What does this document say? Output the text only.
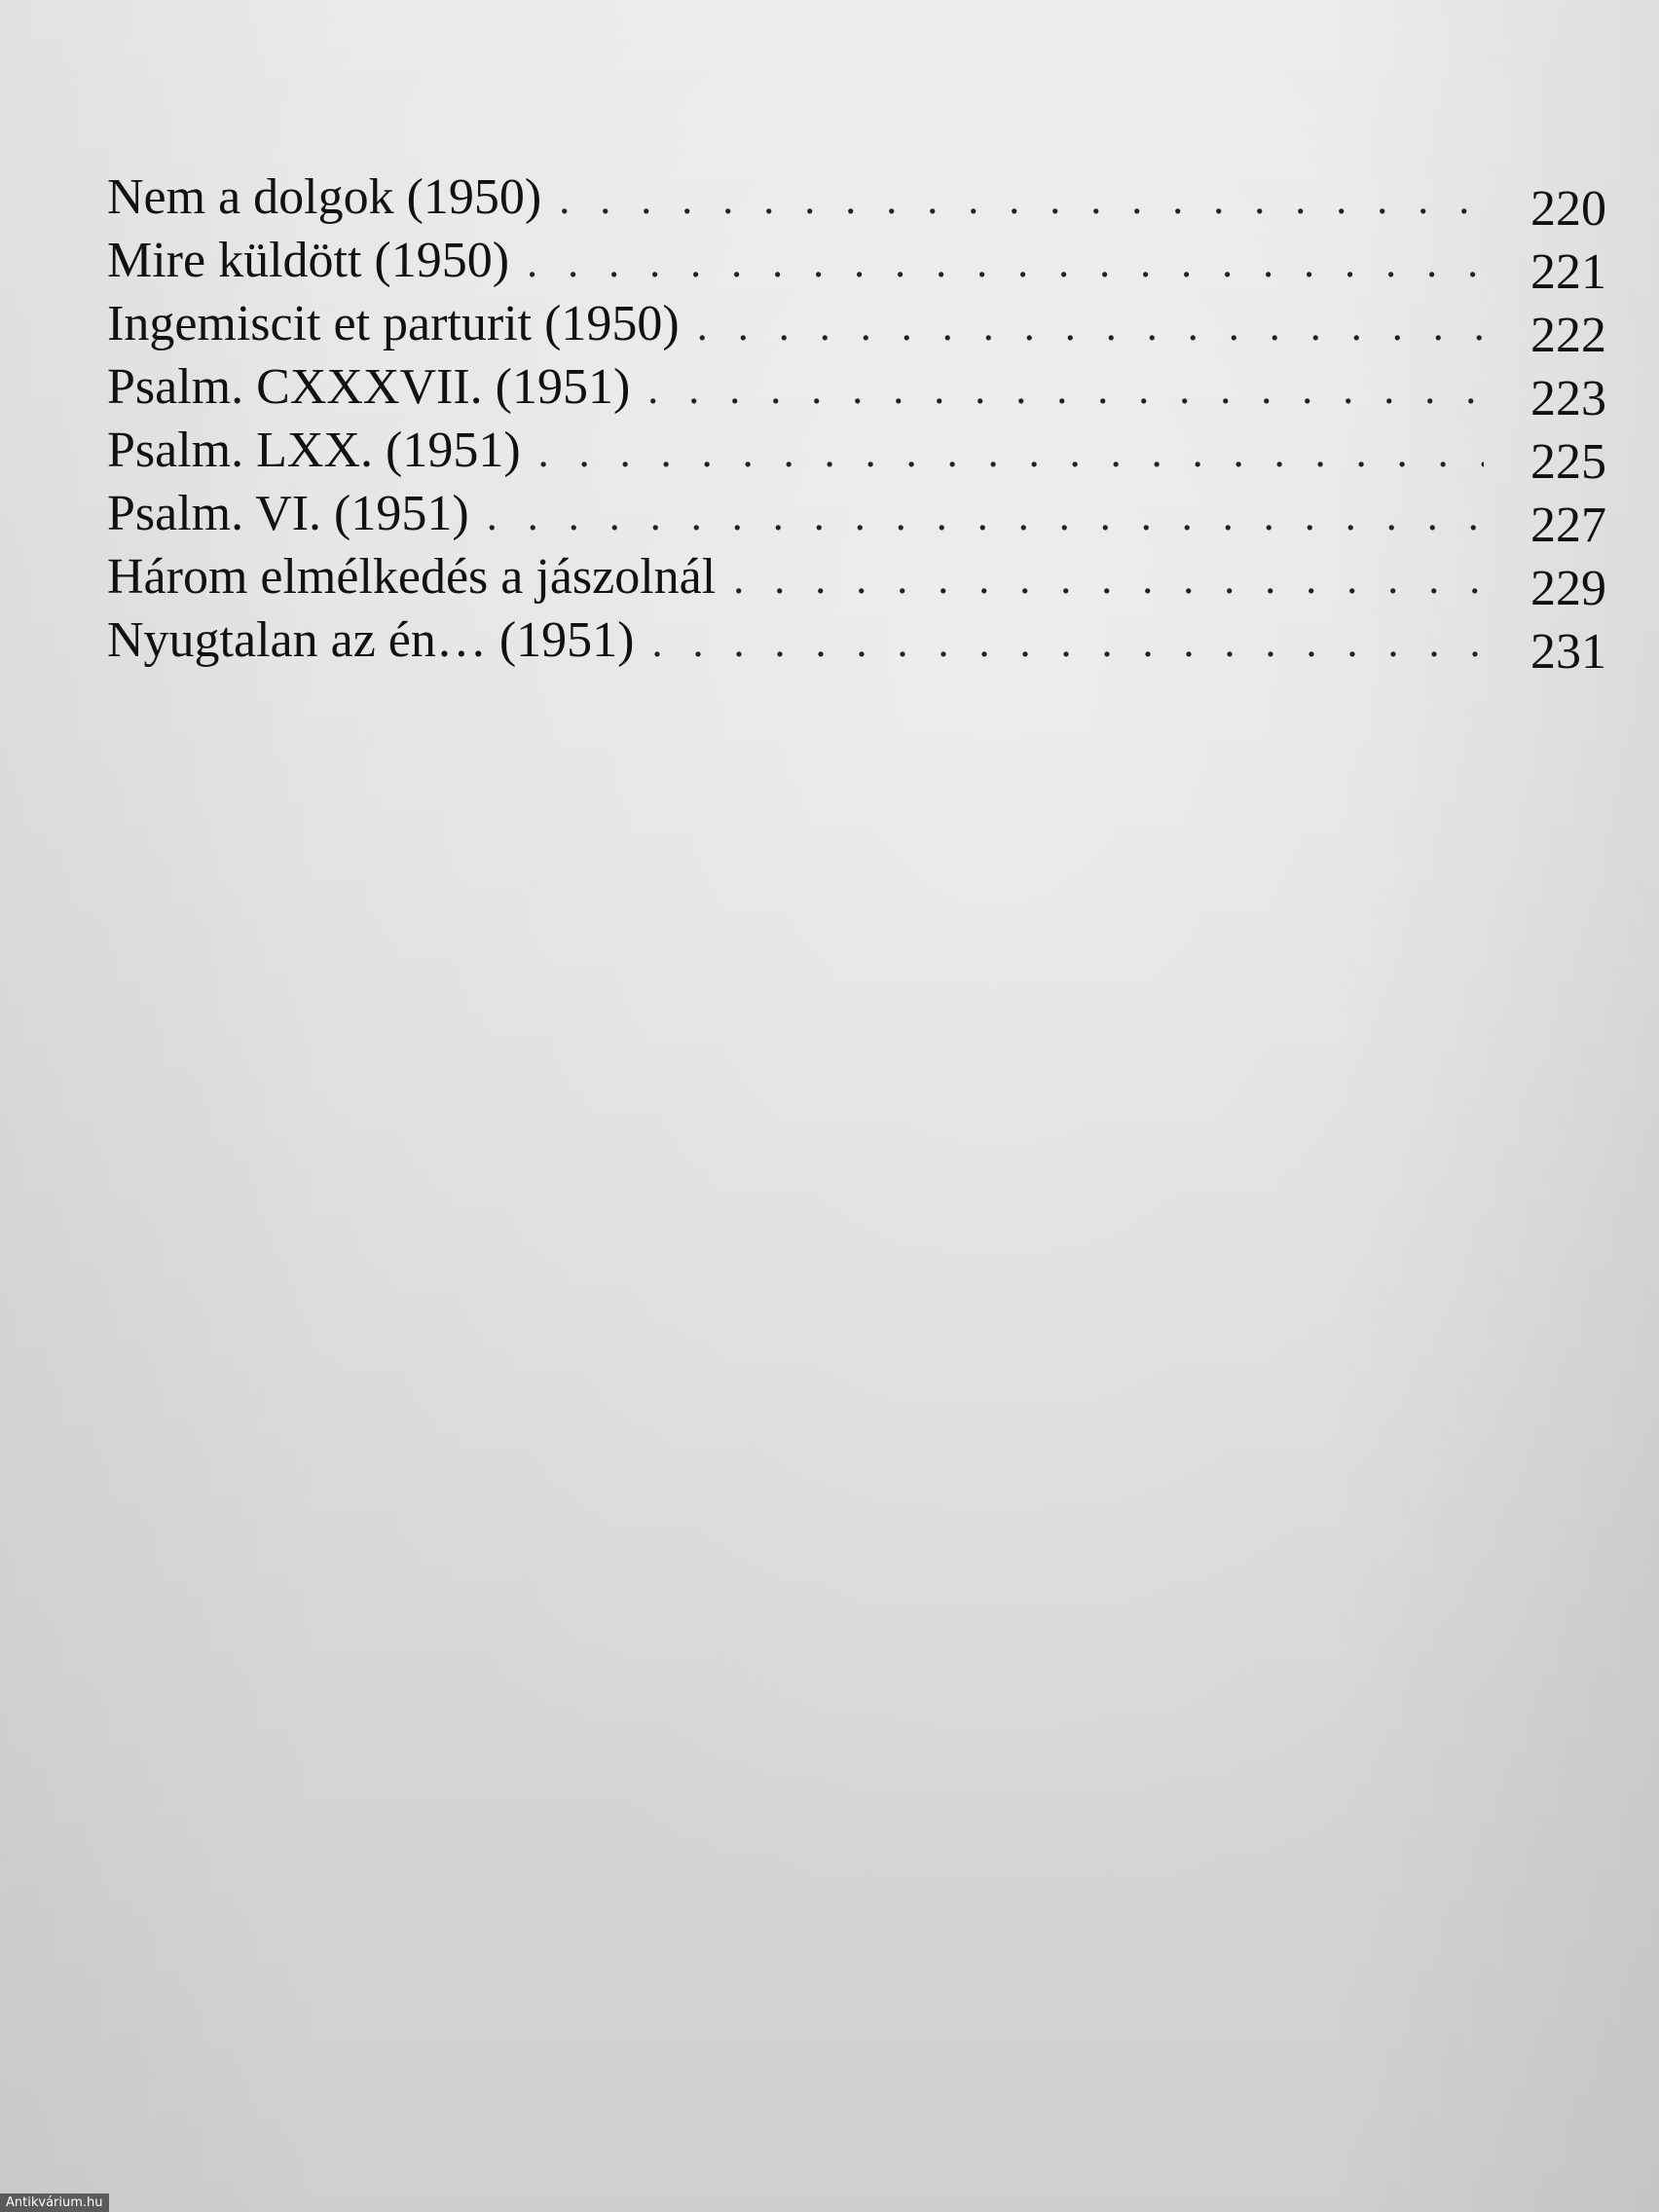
Nem a dolgok (1950) . . .	220
Mire küldött (1950) . . .	221
Ingemiscit et parturit (1950) . . .	222
Psalm. CXXXVII. (1951) . . .	223
Psalm. LXX. (1951) . . .	225
Psalm. VI. (1951) . . .	227
Három elmélkedés a jászolnál . . .	229
Nyugtalan az én… (1951) . . .	231
Antikvárium.hu
